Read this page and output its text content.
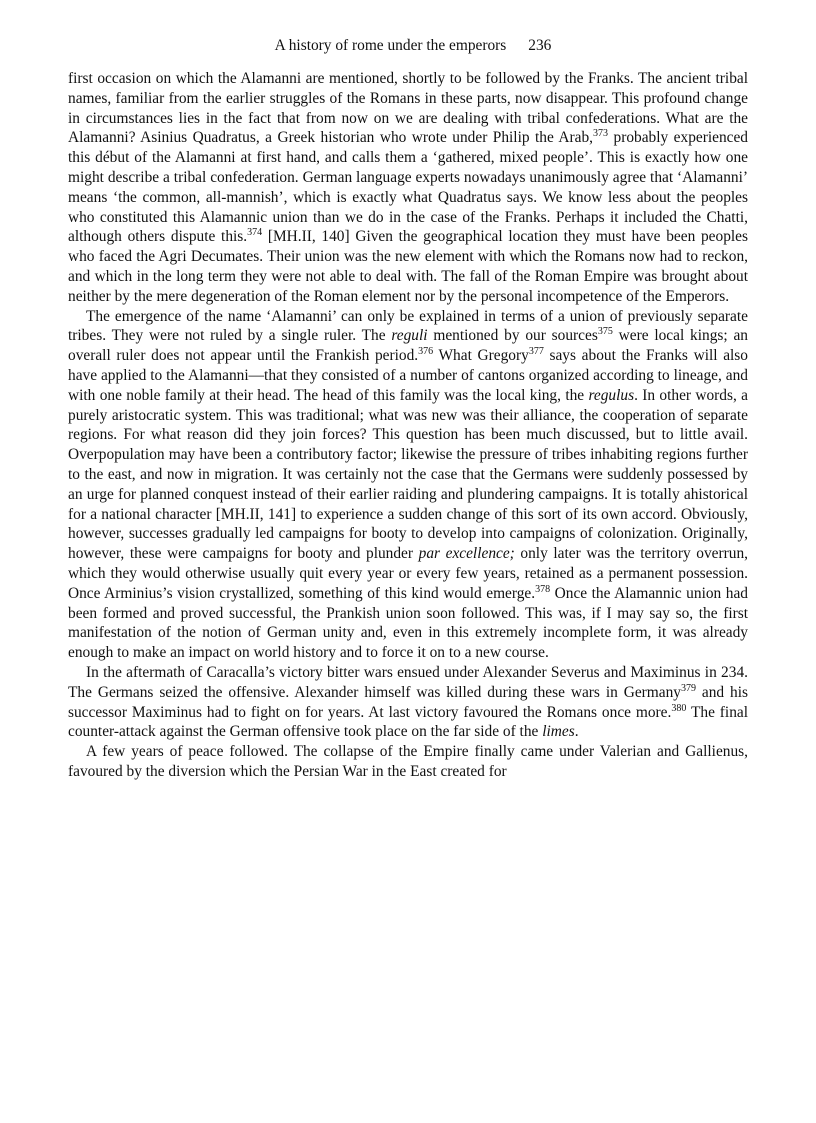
A history of rome under the emperors 236

first occasion on which the Alamanni are mentioned, shortly to be followed by the Franks. The ancient tribal names, familiar from the earlier struggles of the Romans in these parts, now disappear. This profound change in circumstances lies in the fact that from now on we are dealing with tribal confederations. What are the Alamanni? Asinius Quadratus, a Greek historian who wrote under Philip the Arab,$^{373}$ probably experienced this début of the Alamanni at first hand, and calls them a ‘gathered, mixed people’. This is exactly how one might describe a tribal confederation. German language experts nowadays unanimously agree that ‘Alamanni’ means ‘the common, all-mannish’, which is exactly what Quadratus says. We know less about the peoples who constituted this Alamannic union than we do in the case of the Franks. Perhaps it included the Chatti, although others dispute this.$^{374}$ [MH.II, 140] Given the geographical location they must have been peoples who faced the Agri Decumates. Their union was the new element with which the Romans now had to reckon, and which in the long term they were not able to deal with. The fall of the Roman Empire was brought about neither by the mere degeneration of the Roman element nor by the personal incompetence of the Emperors.

The emergence of the name ‘Alamanni’ can only be explained in terms of a union of previously separate tribes. They were not ruled by a single ruler. The reguli mentioned by our sources$^{375}$ were local kings; an overall ruler does not appear until the Frankish period.$^{376}$ What Gregory$^{377}$ says about the Franks will also have applied to the Alamanni—that they consisted of a number of cantons organized according to lineage, and with one noble family at their head. The head of this family was the local king, the regulus. In other words, a purely aristocratic system. This was traditional; what was new was their alliance, the cooperation of separate regions. For what reason did they join forces? This question has been much discussed, but to little avail. Overpopulation may have been a contributory factor; likewise the pressure of tribes inhabiting regions further to the east, and now in migration. It was certainly not the case that the Germans were suddenly possessed by an urge for planned conquest instead of their earlier raiding and plundering campaigns. It is totally ahistorical for a national character [MH.II, 141] to experience a sudden change of this sort of its own accord. Obviously, however, successes gradually led campaigns for booty to develop into campaigns of colonization. Originally, however, these were campaigns for booty and plunder par excellence; only later was the territory overrun, which they would otherwise usually quit every year or every few years, retained as a permanent possession. Once Arminius’s vision crystallized, something of this kind would emerge.$^{378}$ Once the Alamannic union had been formed and proved successful, the Prankish union soon followed. This was, if I may say so, the first manifestation of the notion of German unity and, even in this extremely incomplete form, it was already enough to make an impact on world history and to force it on to a new course.

In the aftermath of Caracalla’s victory bitter wars ensued under Alexander Severus and Maximinus in 234. The Germans seized the offensive. Alexander himself was killed during these wars in Germany$^{379}$ and his successor Maximinus had to fight on for years. At last victory favoured the Romans once more.$^{380}$ The final counter-attack against the German offensive took place on the far side of the limes.

A few years of peace followed. The collapse of the Empire finally came under Valerian and Gallienus, favoured by the diversion which the Persian War in the East created for
